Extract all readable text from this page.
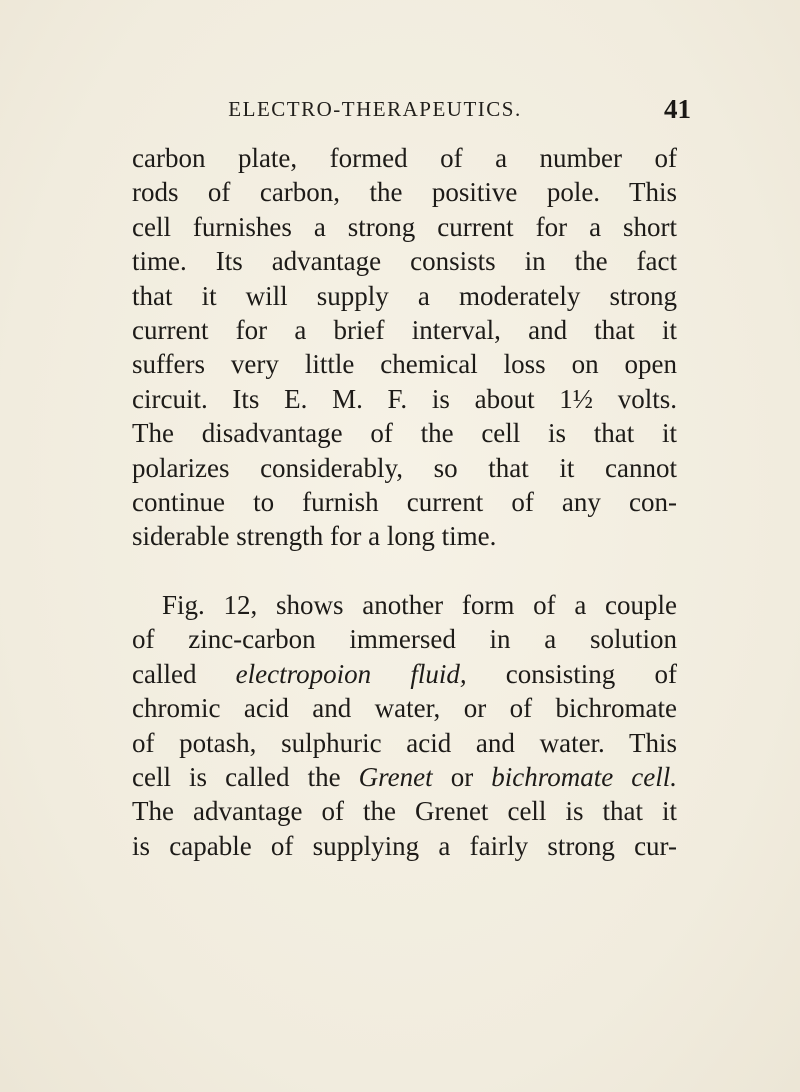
ELECTRO-THERAPEUTICS.	41

carbon plate, formed of a number of
rods of carbon, the positive pole. This
cell furnishes a strong current for a short
time. Its advantage consists in the fact
that it will supply a moderately strong
current for a brief interval, and that it
suffers very little chemical loss on open
circuit. Its E. M. F. is about 1½ volts.
The disadvantage of the cell is that it
polarizes considerably, so that it cannot
continue to furnish current of any con-
siderable strength for a long time.

Fig. 12, shows another form of a couple
of zinc-carbon immersed in a solution
called electropoion fluid, consisting of
chromic acid and water, or of bichromate
of potash, sulphuric acid and water. This
cell is called the Grenet or bichromate cell.
The advantage of the Grenet cell is that it
is capable of supplying a fairly strong cur-
